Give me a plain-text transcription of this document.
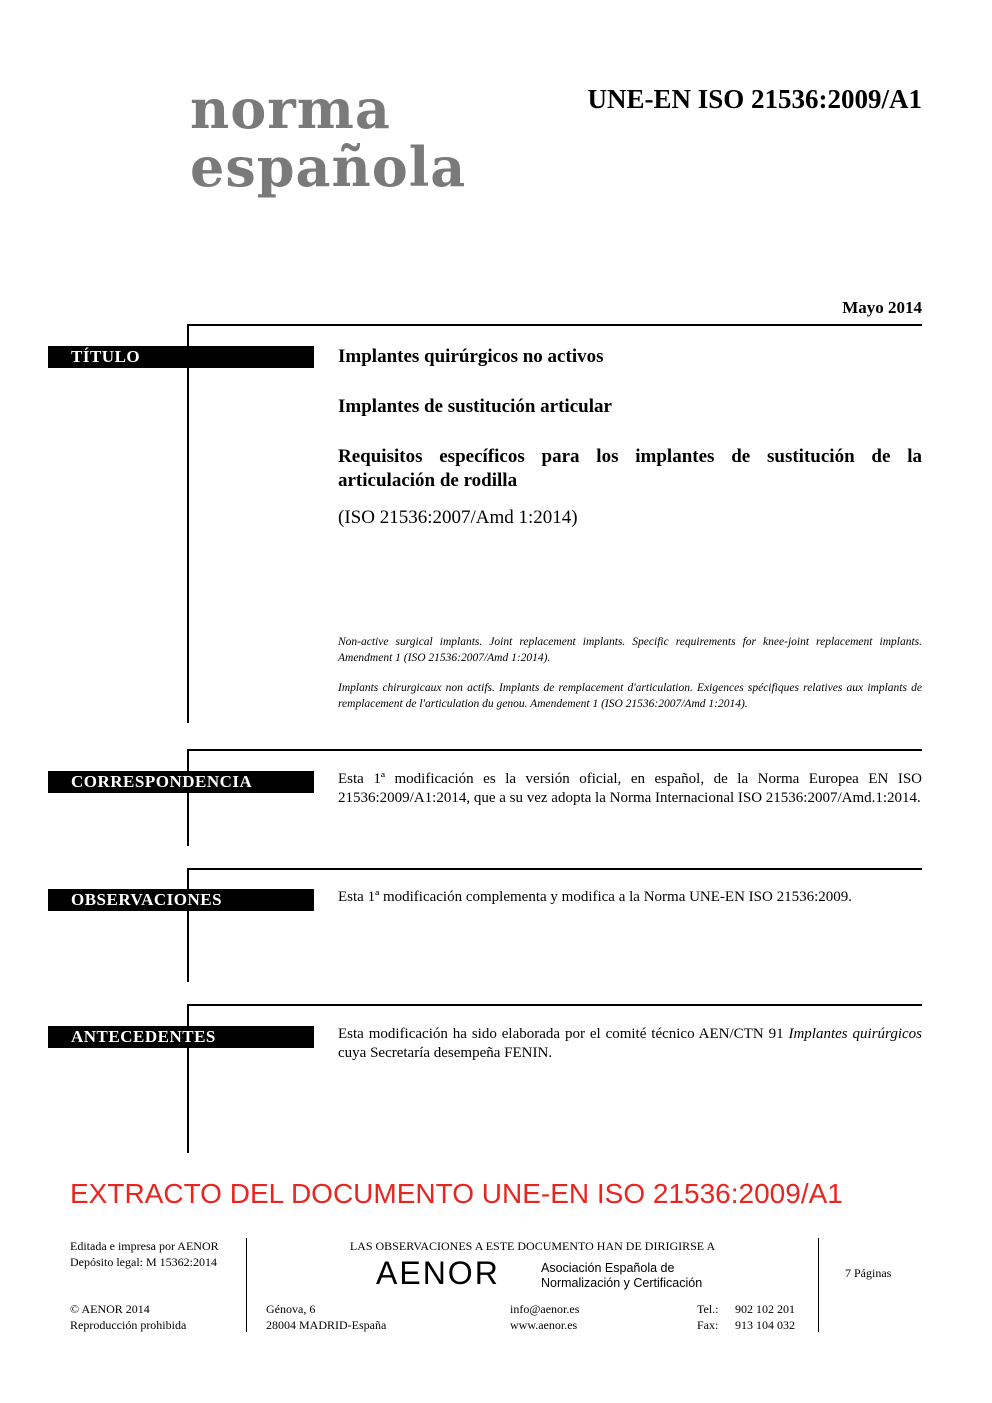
norma
española
UNE-EN ISO 21536:2009/A1
Mayo 2014
TÍTULO	Implantes quirúrgicos no activos
Implantes de sustitución articular
Requisitos específicos para los implantes de sustitución de la articulación de rodilla
(ISO 21536:2007/Amd 1:2014)
Non-active surgical implants. Joint replacement implants. Specific requirements for knee-joint replacement implants. Amendment 1 (ISO 21536:2007/Amd 1:2014).
Implants chirurgicaux non actifs. Implants de remplacement d'articulation. Exigences spécifiques relatives aux implants de remplacement de l'articulation du genou. Amendement 1 (ISO 21536:2007/Amd 1:2014).
CORRESPONDENCIA	Esta 1ª modificación es la versión oficial, en español, de la Norma Europea EN ISO 21536:2009/A1:2014, que a su vez adopta la Norma Internacional ISO 21536:2007/Amd.1:2014.
OBSERVACIONES	Esta 1ª modificación complementa y modifica a la Norma UNE-EN ISO 21536:2009.
ANTECEDENTES	Esta modificación ha sido elaborada por el comité técnico AEN/CTN 91 Implantes quirúrgicos cuya Secretaría desempeña FENIN.
EXTRACTO DEL DOCUMENTO UNE-EN ISO 21536:2009/A1
Editada e impresa por AENOR
Depósito legal: M 15362:2014
© AENOR 2014
Reproducción prohibida
LAS OBSERVACIONES A ESTE DOCUMENTO HAN DE DIRIGIRSE A
AENOR	Asociación Española de
Normalización y Certificación
Génova, 6
28004 MADRID-España
info@aenor.es
www.aenor.es
Tel.: 902 102 201
Fax: 913 104 032
7 Páginas
